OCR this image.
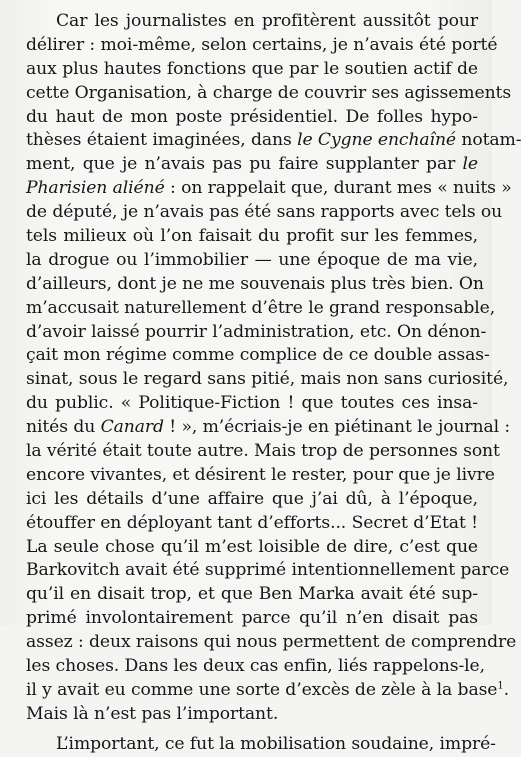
Car les journalistes en profitèrent aussitôt pour
délirer : moi-même, selon certains, je n’avais été porté
aux plus hautes fonctions que par le soutien actif de
cette Organisation, à charge de couvrir ses agissements
du haut de mon poste présidentiel. De folles hypo-
thèses étaient imaginées, dans le Cygne enchaîné notam-
ment, que je n’avais pas pu faire supplanter par le
Pharisien aliéné : on rappelait que, durant mes « nuits »
de député, je n’avais pas été sans rapports avec tels ou
tels milieux où l’on faisait du profit sur les femmes,
la drogue ou l’immobilier — une époque de ma vie,
d’ailleurs, dont je ne me souvenais plus très bien. On
m’accusait naturellement d’être le grand responsable,
d’avoir laissé pourrir l’administration, etc. On dénon-
çait mon régime comme complice de ce double assas-
sinat, sous le regard sans pitié, mais non sans curiosité,
du public. « Politique-Fiction ! que toutes ces insa-
nités du Canard ! », m’écriais-je en piétinant le journal :
la vérité était toute autre. Mais trop de personnes sont
encore vivantes, et désirent le rester, pour que je livre
ici les détails d’une affaire que j’ai dû, à l’époque,
étouffer en déployant tant d’efforts... Secret d’Etat !
La seule chose qu’il m’est loisible de dire, c’est que
Barkovitch avait été supprimé intentionnellement parce
qu’il en disait trop, et que Ben Marka avait été sup-
primé involontairement parce qu’il n’en disait pas
assez : deux raisons qui nous permettent de comprendre
les choses. Dans les deux cas enfin, liés rappelons-le,
il y avait eu comme une sorte d’excès de zèle à la base$^1$.
Mais là n’est pas l’important.
L’important, ce fut la mobilisation soudaine, impré-
